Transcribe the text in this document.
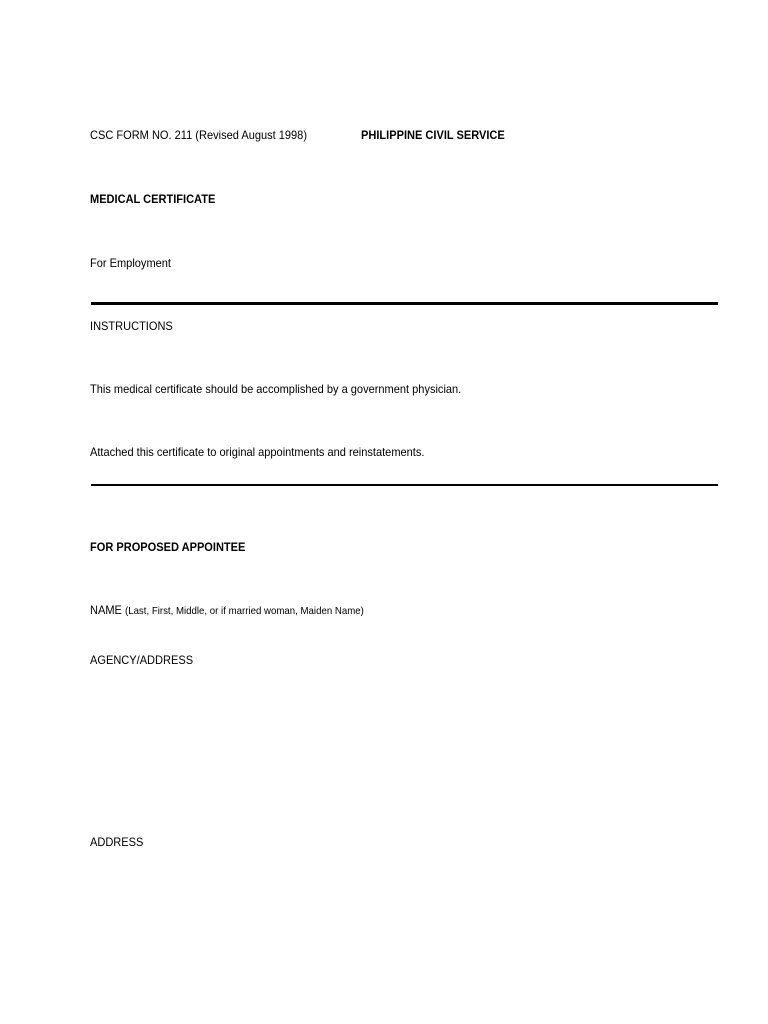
CSC FORM NO. 211 (Revised August 1998)	PHILIPPINE CIVIL SERVICE
MEDICAL CERTIFICATE
For Employment
INSTRUCTIONS
This medical certificate should be accomplished by a government physician.
Attached this certificate to original appointments and reinstatements.
FOR PROPOSED APPOINTEE
NAME (Last, First, Middle, or if married woman, Maiden Name)
AGENCY/ADDRESS
ADDRESS
